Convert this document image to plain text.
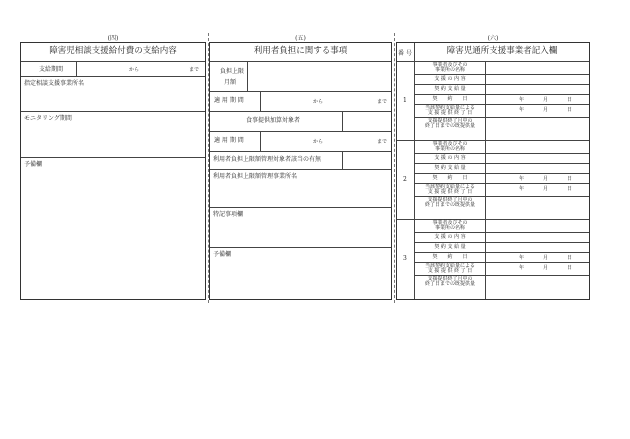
(四)
障害児相談支援給付費の支給内容
支給期間	から	まで
指定相談支援事業所名
モニタリング期間
予備欄
(五)
利用者負担に関する事項
負担上限
月額
適 用 期 間	から	まで
食事提供加算対象者
適 用 期 間	から	まで
利用者負担上限額管理対象者該当の有無
利用者負担上限額管理事業所名
特記事項欄
予備欄
(六)
番 号	障害児通所支援事業者記入欄
1
事業者及びその
事業所の名称
支 援 の 内 容
契 約 支 給 量
契　　約　　日	年	月	日
当該契約支給量による
支 援 提 供 終 了 日	年	月	日
支援提供終了月中の
終了日までの既提供量
2
事業者及びその
事業所の名称
支 援 の 内 容
契 約 支 給 量
契　　約　　日	年	月	日
当該契約支給量による
支 援 提 供 終 了 日	年	月	日
支援提供終了月中の
終了日までの既提供量
3
事業者及びその
事業所の名称
支 援 の 内 容
契 約 支 給 量
契　　約　　日	年	月	日
当該契約支給量による
支 援 提 供 終 了 日	年	月	日
支援提供終了月中の
終了日までの既提供量
